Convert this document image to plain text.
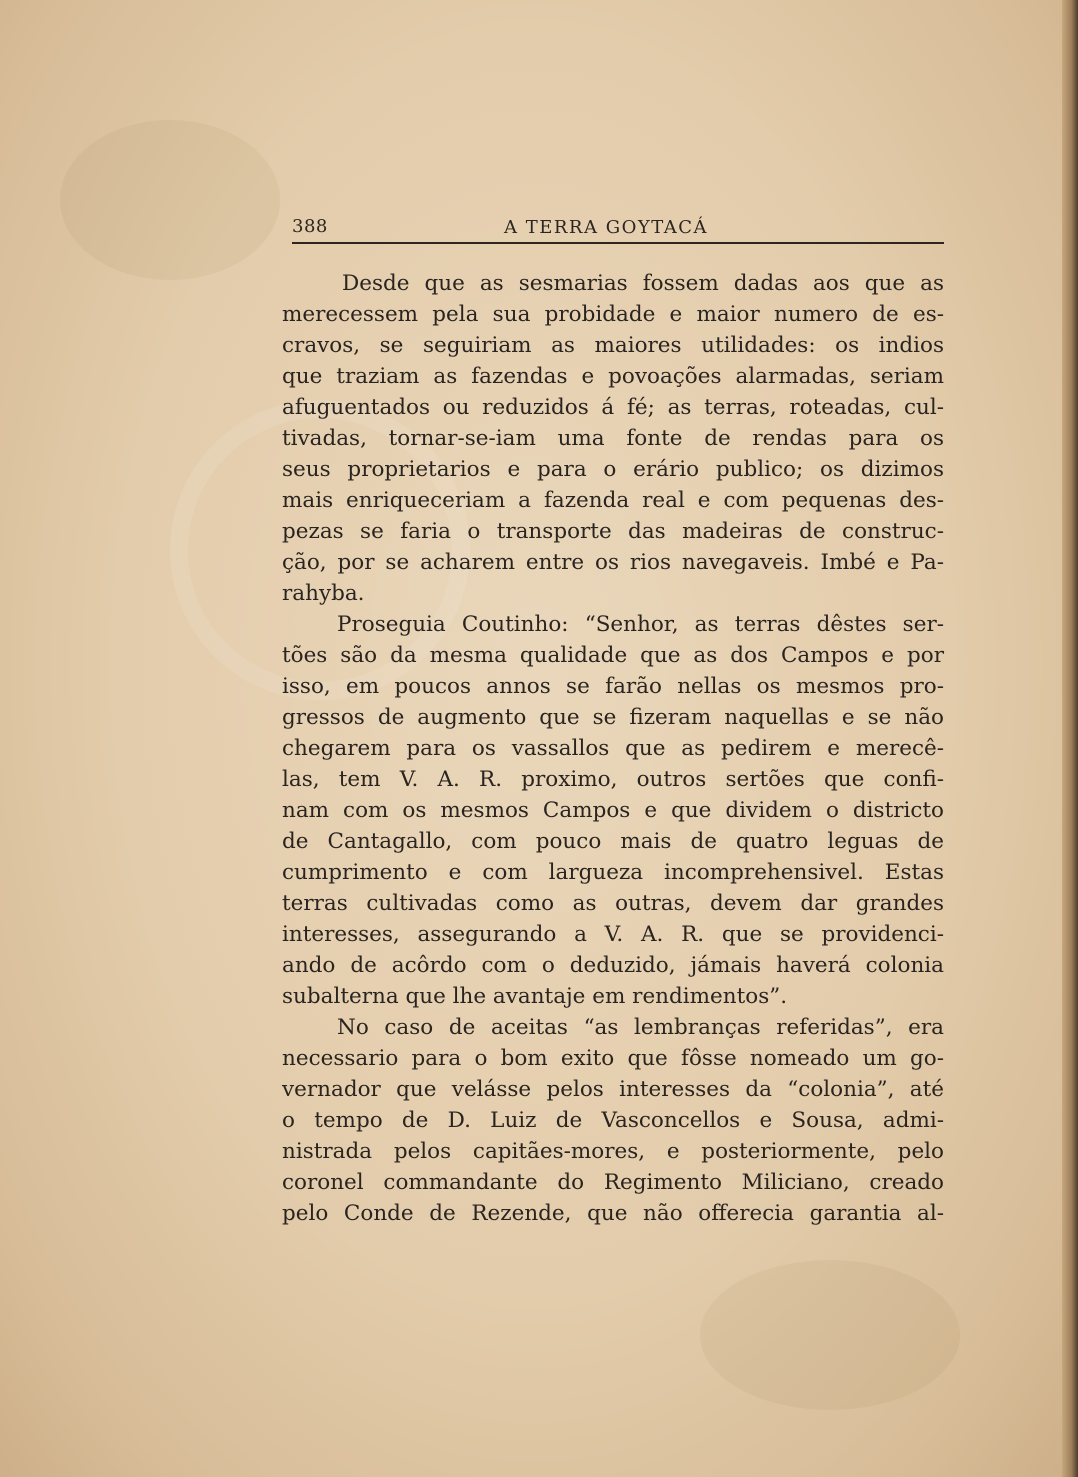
388	A TERRA GOYTACÁ
Desde que as sesmarias fossem dadas aos que as
merecessem pela sua probidade e maior numero de es-
cravos, se seguiriam as maiores utilidades: os indios
que traziam as fazendas e povoações alarmadas, seriam
afuguentados ou reduzidos á fé; as terras, roteadas, cul-
tivadas, tornar-se-iam uma fonte de rendas para os
seus proprietarios e para o erário publico; os dizimos
mais enriqueceriam a fazenda real e com pequenas des-
pezas se faria o transporte das madeiras de construc-
ção, por se acharem entre os rios navegaveis. Imbé e Pa-
rahyba.
Proseguia Coutinho: “Senhor, as terras dêstes ser-
tões são da mesma qualidade que as dos Campos e por
isso, em poucos annos se farão nellas os mesmos pro-
gressos de augmento que se fizeram naquellas e se não
chegarem para os vassallos que as pedirem e merecê-
las, tem V. A. R. proximo, outros sertões que confi-
nam com os mesmos Campos e que dividem o districto
de Cantagallo, com pouco mais de quatro leguas de
cumprimento e com largueza incomprehensivel. Estas
terras cultivadas como as outras, devem dar grandes
interesses, assegurando a V. A. R. que se providenci-
ando de acôrdo com o deduzido, jámais haverá colonia
subalterna que lhe avantaje em rendimentos”.
No caso de aceitas “as lembranças referidas”, era
necessario para o bom exito que fôsse nomeado um go-
vernador que velásse pelos interesses da “colonia”, até
o tempo de D. Luiz de Vasconcellos e Sousa, admi-
nistrada pelos capitães-mores, e posteriormente, pelo
coronel commandante do Regimento Miliciano, creado
pelo Conde de Rezende, que não offerecia garantia al-
